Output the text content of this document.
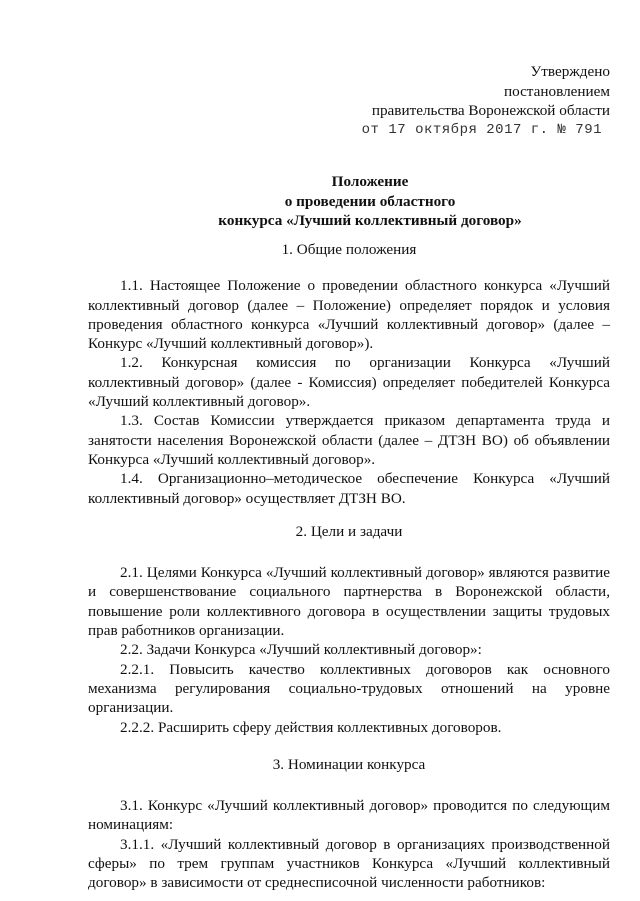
Утверждено
постановлением
правительства Воронежской области
от 17 октября 2017 г. № 791
Положение
о проведении областного
конкурса «Лучший коллективный договор»
1. Общие положения

1.1. Настоящее Положение о проведении областного конкурса «Лучший коллективный договор (далее – Положение) определяет порядок и условия проведения областного конкурса «Лучший коллективный договор» (далее – Конкурс «Лучший коллективный договор»).

1.2. Конкурсная комиссия по организации Конкурса «Лучший коллективный договор» (далее - Комиссия) определяет победителей Конкурса «Лучший коллективный договор».

1.3. Состав Комиссии утверждается приказом департамента труда и занятости населения Воронежской области (далее – ДТЗН ВО) об объявлении Конкурса «Лучший коллективный договор».

1.4. Организационно–методическое обеспечение Конкурса «Лучший коллективный договор» осуществляет ДТЗН ВО.

2. Цели и задачи

2.1. Целями Конкурса «Лучший коллективный договор» являются развитие и совершенствование социального партнерства в Воронежской области, повышение роли коллективного договора в осуществлении защиты трудовых прав работников организации.

2.2. Задачи Конкурса «Лучший коллективный договор»:

2.2.1. Повысить качество коллективных договоров как основного механизма регулирования социально-трудовых отношений на уровне организации.

2.2.2. Расширить сферу действия коллективных договоров.

3. Номинации конкурса

3.1. Конкурс «Лучший коллективный договор» проводится по следующим номинациям:

3.1.1. «Лучший коллективный договор в организациях производственной сферы» по трем группам участников Конкурса «Лучший коллективный договор» в зависимости от среднесписочной численности работников:
